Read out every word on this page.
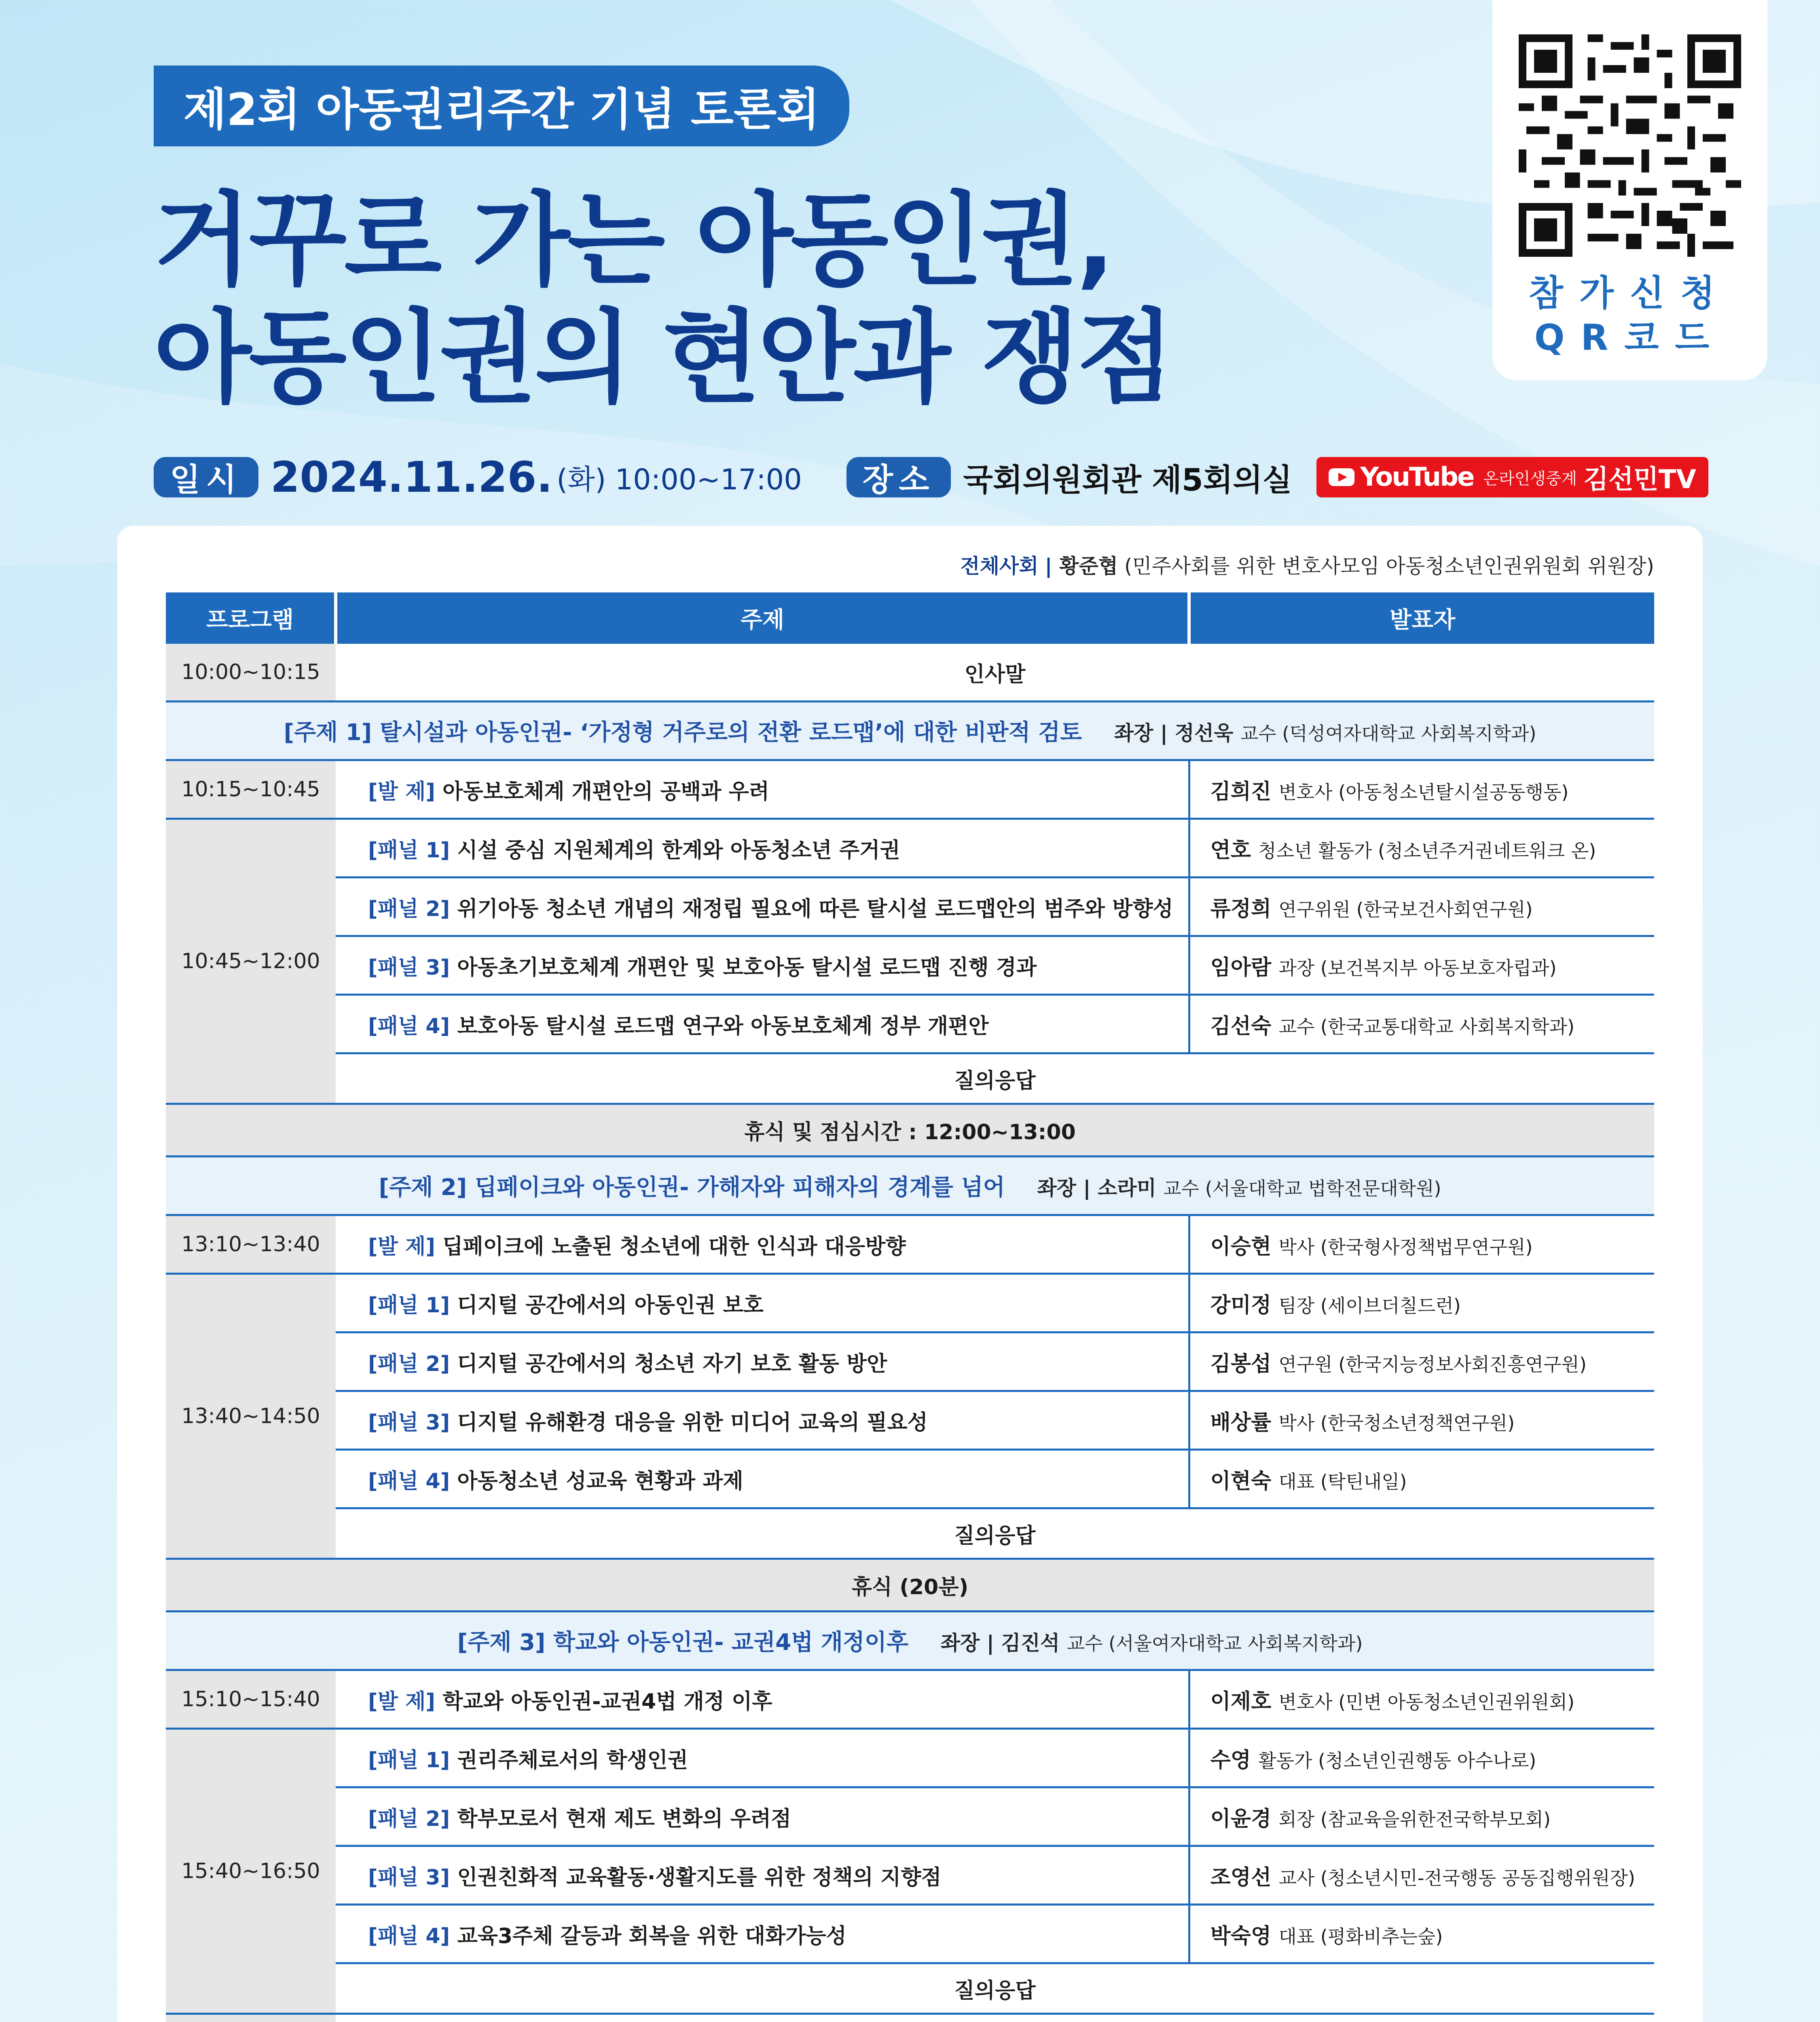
제2회 아동권리주간 기념 토론회
거꾸로 가는 아동인권,
아동인권의 현안과 쟁점
참가신청
QR코드
일시 2024.11.26. (화) 10:00~17:00	장소 국회의원회관 제5회의실	YouTube 온라인생중계 김선민TV
전체사회 | 황준협 (민주사회를 위한 변호사모임 아동청소년인권위원회 위원장)
프로그램	주제	발표자
10:00~10:15	인사말	
[주제 1] 탈시설과 아동인권- ‘가정형 거주로의 전환 로드맵’에 대한 비판적 검토 좌장 | 정선욱 교수 (덕성여자대학교 사회복지학과)		
10:15~10:45	[발 제] 아동보호체계 개편안의 공백과 우려	김희진 변호사 (아동청소년탈시설공동행동)
10:45~12:00	[패널 1] 시설 중심 지원체계의 한계와 아동청소년 주거권	연호 청소년 활동가 (청소년주거권네트워크 온)
	[패널 2] 위기아동 청소년 개념의 재정립 필요에 따른 탈시설 로드맵안의 범주와 방향성	류정희 연구위원 (한국보건사회연구원)
	[패널 3] 아동초기보호체계 개편안 및 보호아동 탈시설 로드맵 진행 경과	임아람 과장 (보건복지부 아동보호자립과)
	[패널 4] 보호아동 탈시설 로드맵 연구와 아동보호체계 정부 개편안	김선숙 교수 (한국교통대학교 사회복지학과)
	질의응답	
휴식 및 점심시간 : 12:00~13:00		
[주제 2] 딥페이크와 아동인권- 가해자와 피해자의 경계를 넘어 좌장 | 소라미 교수 (서울대학교 법학전문대학원)		
13:10~13:40	[발 제] 딥페이크에 노출된 청소년에 대한 인식과 대응방향	이승현 박사 (한국형사정책법무연구원)
13:40~14:50	[패널 1] 디지털 공간에서의 아동인권 보호	강미정 팀장 (세이브더칠드런)
	[패널 2] 디지털 공간에서의 청소년 자기 보호 활동 방안	김봉섭 연구원 (한국지능정보사회진흥연구원)
	[패널 3] 디지털 유해환경 대응을 위한 미디어 교육의 필요성	배상률 박사 (한국청소년정책연구원)
	[패널 4] 아동청소년 성교육 현황과 과제	이현숙 대표 (탁틴내일)
	질의응답	
휴식 (20분)		
[주제 3] 학교와 아동인권- 교권4법 개정이후 좌장 | 김진석 교수 (서울여자대학교 사회복지학과)		
15:10~15:40	[발 제] 학교와 아동인권-교권4법 개정 이후	이제호 변호사 (민변 아동청소년인권위원회)
15:40~16:50	[패널 1] 권리주체로서의 학생인권	수영 활동가 (청소년인권행동 아수나로)
	[패널 2] 학부모로서 현재 제도 변화의 우려점	이윤경 회장 (참교육을위한전국학부모회)
	[패널 3] 인권친화적 교육활동·생활지도를 위한 정책의 지향점	조영선 교사 (청소년시민-전국행동 공동집행위원장)
	[패널 4] 교육3주체 갈등과 회복을 위한 대화가능성	박숙영 대표 (평화비추는숲)
	질의응답	
